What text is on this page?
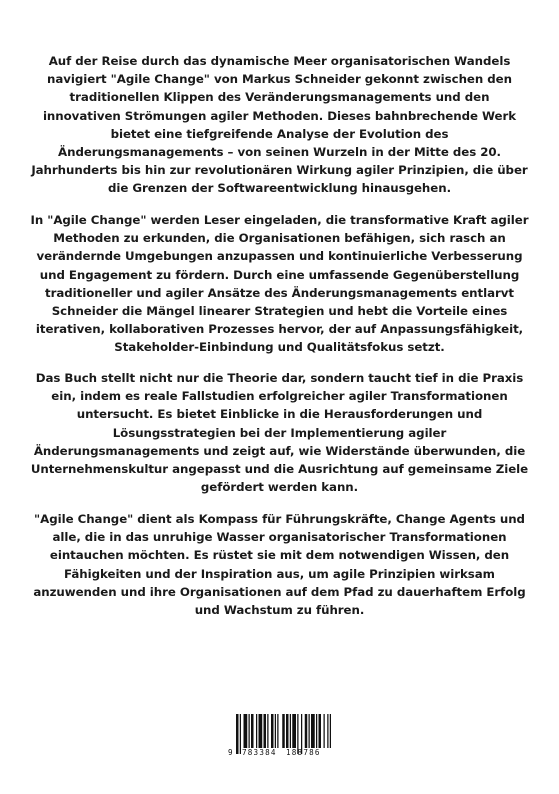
Auf der Reise durch das dynamische Meer organisatorischen Wandels navigiert "Agile Change" von Markus Schneider gekonnt zwischen den traditionellen Klippen des Veränderungsmanagements und den innovativen Strömungen agiler Methoden. Dieses bahnbrechende Werk bietet eine tiefgreifende Analyse der Evolution des Änderungsmanagements – von seinen Wurzeln in der Mitte des 20. Jahrhunderts bis hin zur revolutionären Wirkung agiler Prinzipien, die über die Grenzen der Softwareentwicklung hinausgehen.

In "Agile Change" werden Leser eingeladen, die transformative Kraft agiler Methoden zu erkunden, die Organisationen befähigen, sich rasch an verändernde Umgebungen anzupassen und kontinuierliche Verbesserung und Engagement zu fördern. Durch eine umfassende Gegenüberstellung traditioneller und agiler Ansätze des Änderungsmanagements entlarvt Schneider die Mängel linearer Strategien und hebt die Vorteile eines iterativen, kollaborativen Prozesses hervor, der auf Anpassungsfähigkeit, Stakeholder-Einbindung und Qualitätsfokus setzt.

Das Buch stellt nicht nur die Theorie dar, sondern taucht tief in die Praxis ein, indem es reale Fallstudien erfolgreicher agiler Transformationen untersucht. Es bietet Einblicke in die Herausforderungen und Lösungsstrategien bei der Implementierung agiler Änderungsmanagements und zeigt auf, wie Widerstände überwunden, die Unternehmenskultur angepasst und die Ausrichtung auf gemeinsame Ziele gefördert werden kann.

"Agile Change" dient als Kompass für Führungskräfte, Change Agents und alle, die in das unruhige Wasser organisatorischer Transformationen eintauchen möchten. Es rüstet sie mit dem notwendigen Wissen, den Fähigkeiten und der Inspiration aus, um agile Prinzipien wirksam anzuwenden und ihre Organisationen auf dem Pfad zu dauerhaftem Erfolg und Wachstum zu führen.

9 783384 188786
